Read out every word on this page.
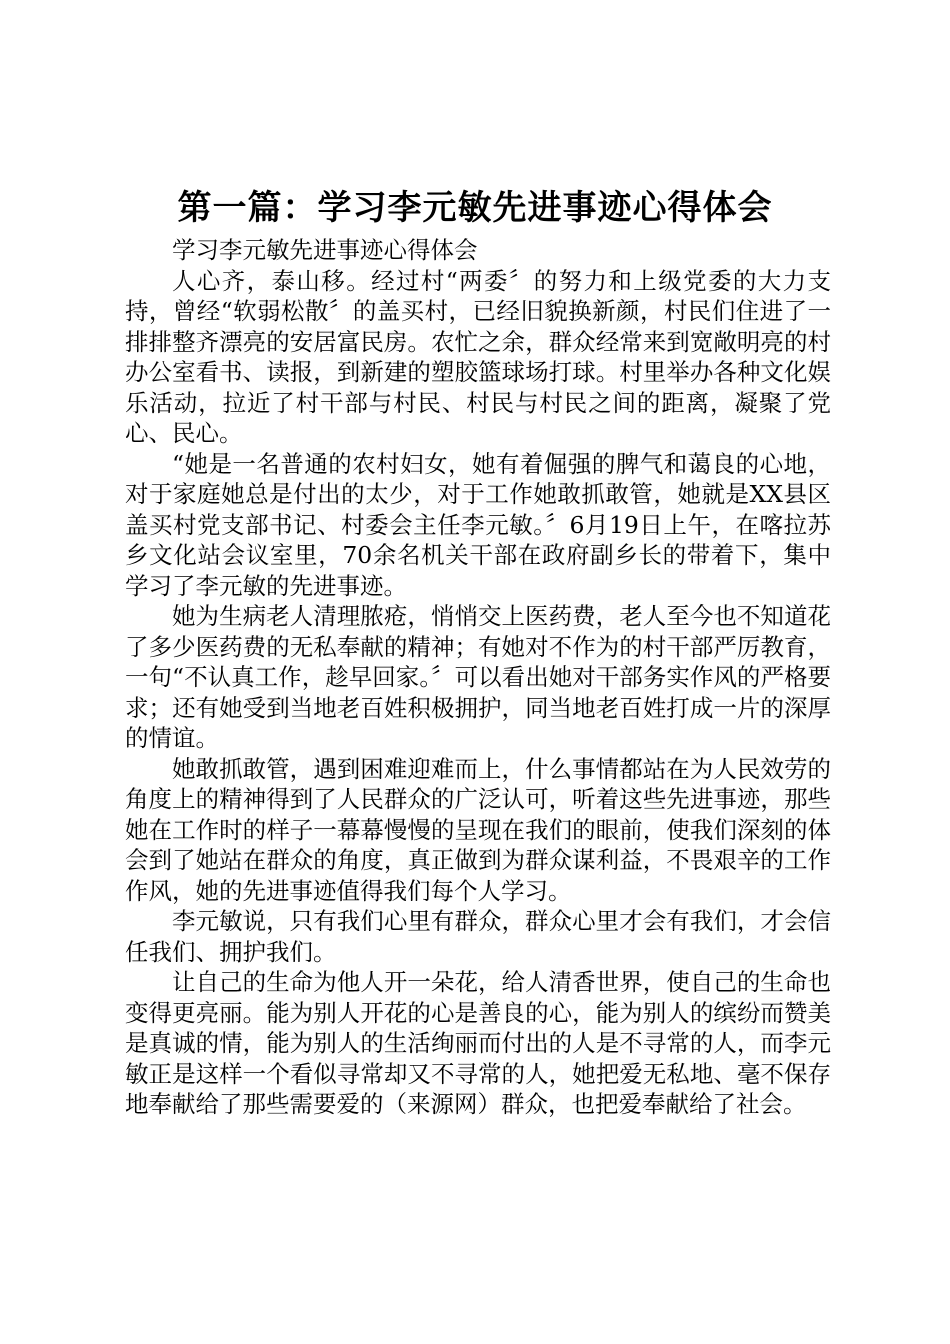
第一篇：学习李元敏先进事迹心得体会

学习李元敏先进事迹心得体会

人心齐，泰山移。经过村“两委〞的努力和上级党委的大力支持，曾经“软弱松散〞的盖买村，已经旧貌换新颜，村民们住进了一排排整齐漂亮的安居富民房。农忙之余，群众经常来到宽敞明亮的村办公室看书、读报，到新建的塑胶篮球场打球。村里举办各种文化娱乐活动，拉近了村干部与村民、村民与村民之间的距离，凝聚了党心、民心。

“她是一名普通的农村妇女，她有着倔强的脾气和蔼良的心地，对于家庭她总是付出的太少，对于工作她敢抓敢管，她就是XX县区盖买村党支部书记、村委会主任李元敏。〞6月19日上午，在喀拉苏乡文化站会议室里，70余名机关干部在政府副乡长的带着下，集中学习了李元敏的先进事迹。

她为生病老人清理脓疮，悄悄交上医药费，老人至今也不知道花了多少医药费的无私奉献的精神；有她对不作为的村干部严厉教育，一句“不认真工作，趁早回家。〞可以看出她对干部务实作风的严格要求；还有她受到当地老百姓积极拥护，同当地老百姓打成一片的深厚的情谊。

她敢抓敢管，遇到困难迎难而上，什么事情都站在为人民效劳的角度上的精神得到了人民群众的广泛认可，听着这些先进事迹，那些她在工作时的样子一幕幕慢慢的呈现在我们的眼前，使我们深刻的体会到了她站在群众的角度，真正做到为群众谋利益，不畏艰辛的工作作风，她的先进事迹值得我们每个人学习。

李元敏说，只有我们心里有群众，群众心里才会有我们，才会信任我们、拥护我们。

让自己的生命为他人开一朵花，给人清香世界，使自己的生命也变得更亮丽。能为别人开花的心是善良的心，能为别人的缤纷而赞美是真诚的情，能为别人的生活绚丽而付出的人是不寻常的人，而李元敏正是这样一个看似寻常却又不寻常的人，她把爱无私地、毫不保存地奉献给了那些需要爱的（来源网）群众，也把爱奉献给了社会。
